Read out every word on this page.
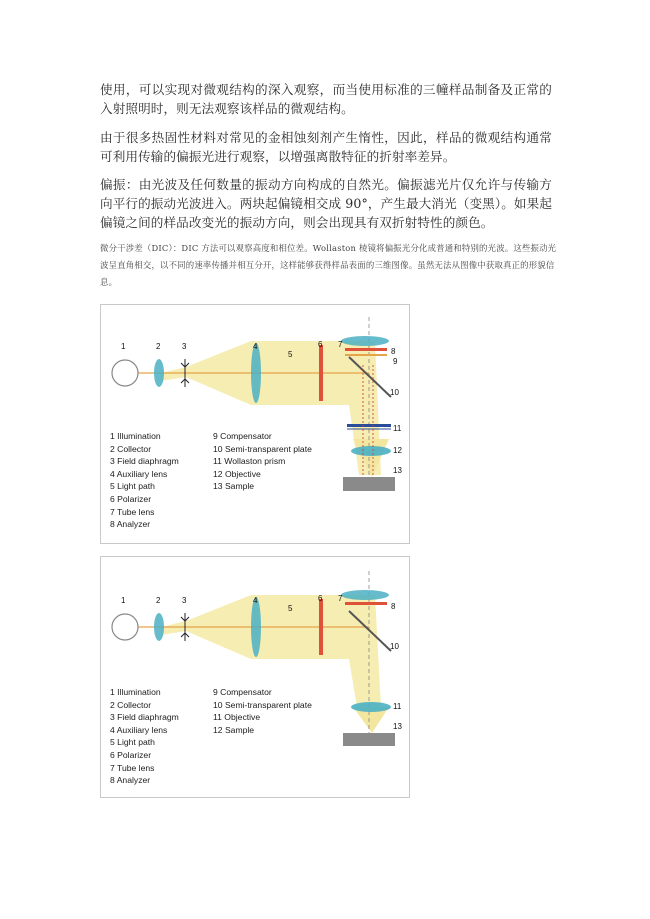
使用，可以实现对微观结构的深入观察，而当使用标准的三幢样品制备及正常的入射照明时，则无法观察该样品的微观结构。

由于很多热固性材料对常见的金相蚀刻剂产生惰性，因此，样品的微观结构通常可利用传输的偏振光进行观察，以增强离散特征的折射率差异。

偏振：由光波及任何数量的振动方向构成的自然光。偏振滤光片仅允许与传输方向平行的振动光波进入。两块起偏镜相交成 90°，产生最大消光（变黑）。如果起偏镜之间的样品改变光的振动方向，则会出现具有双折射特性的颜色。

微分干涉差（DIC）：DIC 方法可以观察高度和相位差。Wollaston 棱镜将偏振光分化成普通和特别的光波。这些振动光波呈直角相交，以不同的速率传播并相互分开，这样能够获得样品表面的三维图像。虽然无法从图像中获取真正的形貌信息。

1	2	3	4
5
6 7
8
9
10
11
12
13
1 Illumination
2 Collector
3 Field diaphragm
4 Auxiliary lens
5 Light path
6 Polarizer
7 Tube lens
8 Analyzer
9 Compensator
10 Semi-transparent plate
11 Wollaston prism
12 Objective
13 Sample
1	2	3	4
5
6 7
8
10
11
13
1 Illumination
2 Collector
3 Field diaphragm
4 Auxiliary lens
5 Light path
6 Polarizer
7 Tube lens
8 Analyzer
9 Compensator
10 Semi-transparent plate
11 Objective
12 Sample
